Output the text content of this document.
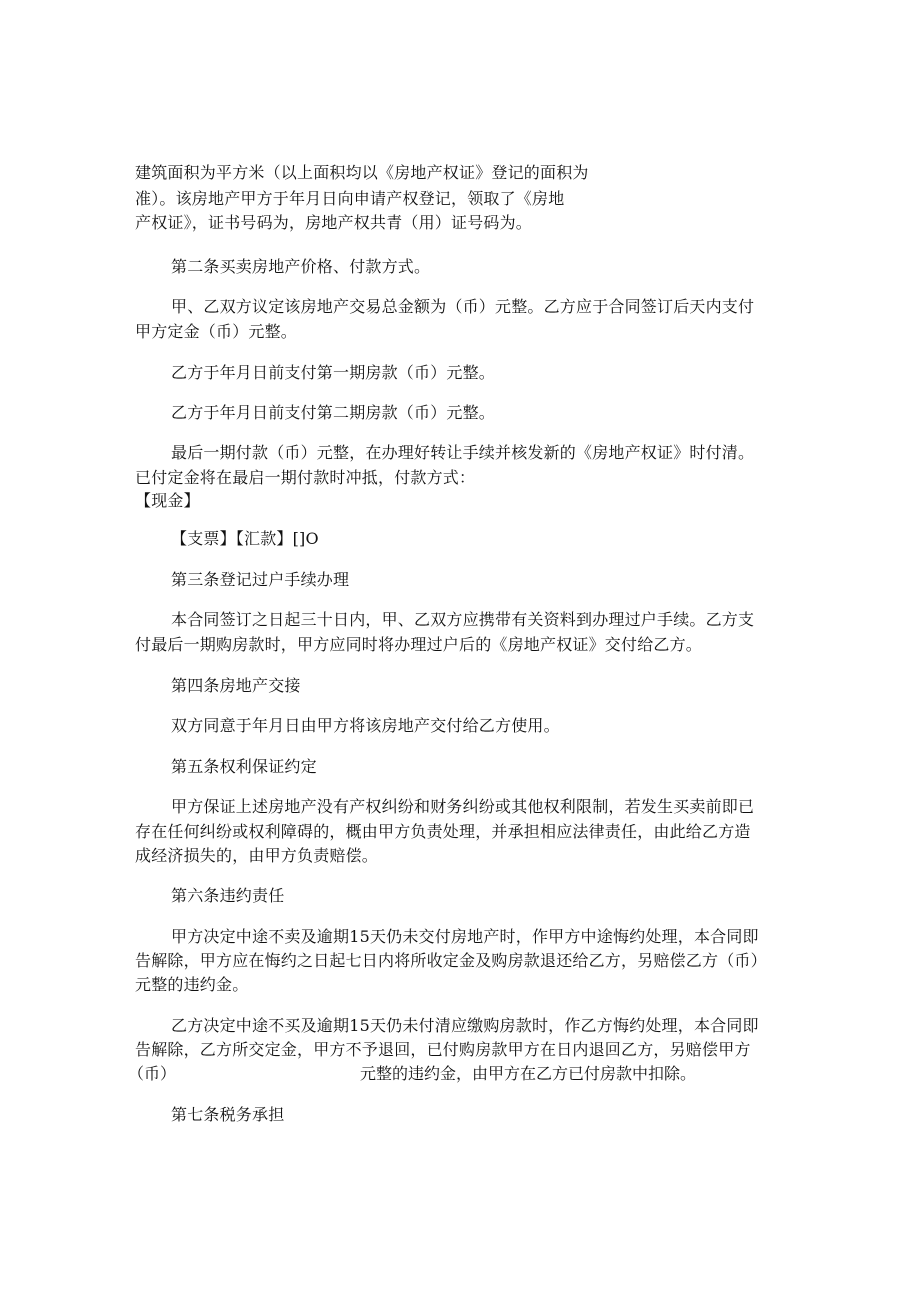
建筑面积为平方米（以上面积均以《房地产权证》登记的面积为
准）。该房地产甲方于年月日向申请产权登记，领取了《房地
产权证》，证书号码为，房地产权共青（用）证号码为。
第二条买卖房地产价格、付款方式。
甲、乙双方议定该房地产交易总金额为（币）元整。乙方应于合同签订后天内支付
甲方定金（币）元整。
乙方于年月日前支付第一期房款（币）元整。
乙方于年月日前支付第二期房款（币）元整。
最后一期付款（币）元整，在办理好转让手续并核发新的《房地产权证》时付清。
已付定金将在最启一期付款时冲抵，付款方式：
【现金】
【支票】【汇款】[]O
第三条登记过户手续办理
本合同签订之日起三十日内，甲、乙双方应携带有关资料到办理过户手续。乙方支
付最后一期购房款时，甲方应同时将办理过户后的《房地产权证》交付给乙方。
第四条房地产交接
双方同意于年月日由甲方将该房地产交付给乙方使用。
第五条权利保证约定
甲方保证上述房地产没有产权纠纷和财务纠纷或其他权利限制，若发生买卖前即已
存在任何纠纷或权利障碍的，概由甲方负责处理，并承担相应法律责任，由此给乙方造
成经济损失的，由甲方负责赔偿。
第六条违约责任
甲方决定中途不卖及逾期15天仍未交付房地产时，作甲方中途悔约处理，本合同即
告解除，甲方应在悔约之日起七日内将所收定金及购房款退还给乙方，另赔偿乙方（币）
元整的违约金。
乙方决定中途不买及逾期15天仍未付清应缴购房款时，作乙方悔约处理，本合同即
告解除，乙方所交定金，甲方不予退回，已付购房款甲方在日内退回乙方，另赔偿甲方
（币）	元整的违约金，由甲方在乙方已付房款中扣除。
第七条税务承担
